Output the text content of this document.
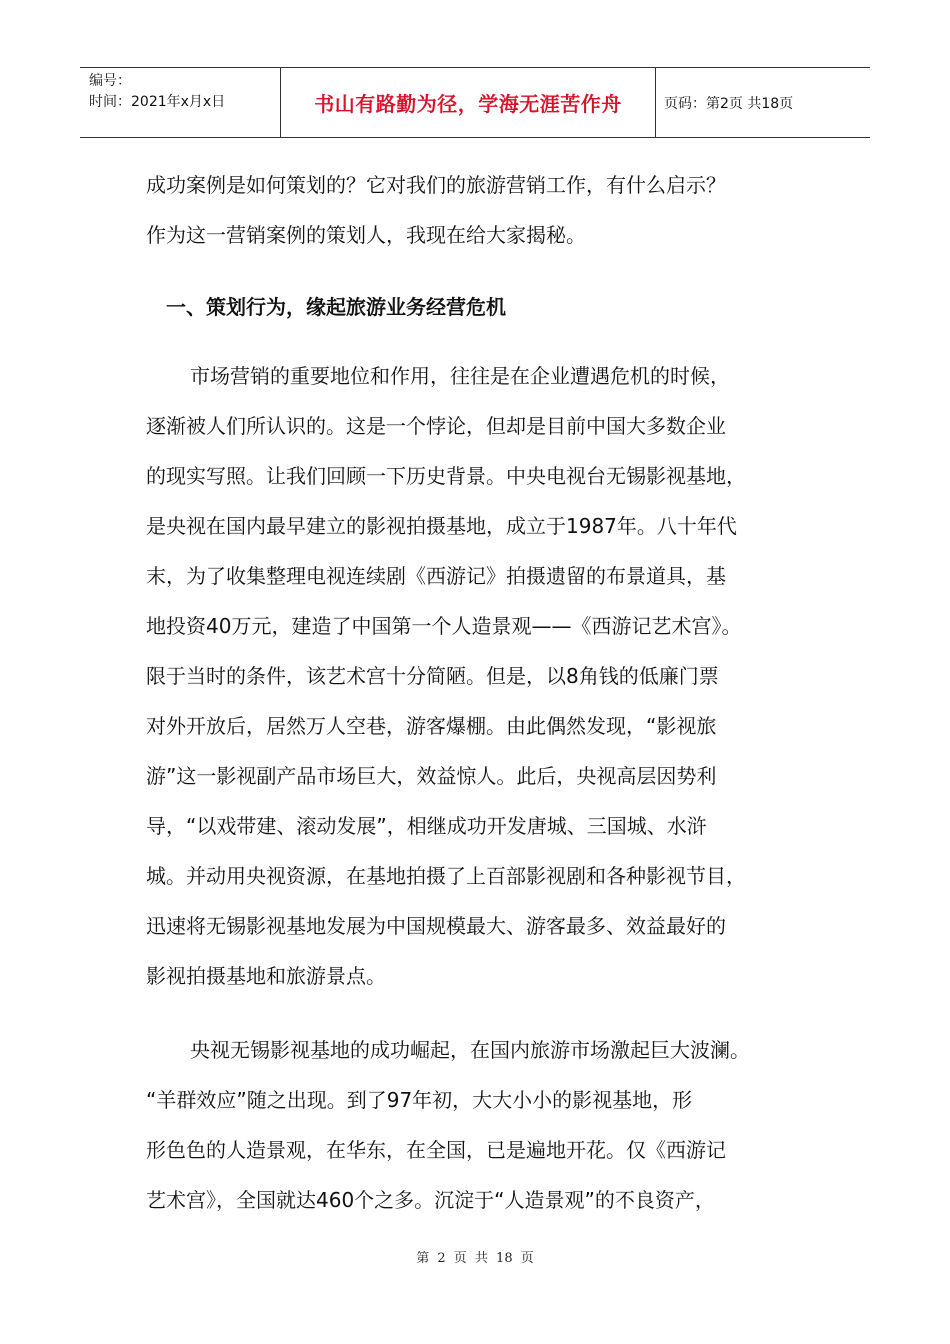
编号：
时间：2021年x月x日	书山有路勤为径，学海无涯苦作舟	页码：第2页 共18页
成功案例是如何策划的？它对我们的旅游营销工作，有什么启示？
作为这一营销案例的策划人，我现在给大家揭秘。
一、策划行为，缘起旅游业务经营危机
市场营销的重要地位和作用，往往是在企业遭遇危机的时候，
逐渐被人们所认识的。这是一个悖论，但却是目前中国大多数企业
的现实写照。让我们回顾一下历史背景。中央电视台无锡影视基地，
是央视在国内最早建立的影视拍摄基地，成立于1987年。八十年代
末，为了收集整理电视连续剧《西游记》拍摄遗留的布景道具，基
地投资40万元，建造了中国第一个人造景观——《西游记艺术宫》。
限于当时的条件，该艺术宫十分简陋。但是，以8角钱的低廉门票
对外开放后，居然万人空巷，游客爆棚。由此偶然发现，“影视旅
游”这一影视副产品市场巨大，效益惊人。此后，央视高层因势利
导，“以戏带建、滚动发展”，相继成功开发唐城、三国城、水浒
城。并动用央视资源，在基地拍摄了上百部影视剧和各种影视节目，
迅速将无锡影视基地发展为中国规模最大、游客最多、效益最好的
影视拍摄基地和旅游景点。
央视无锡影视基地的成功崛起，在国内旅游市场激起巨大波澜。
“羊群效应”随之出现。到了97年初，大大小小的影视基地，形
形色色的人造景观，在华东，在全国，已是遍地开花。仅《西游记
艺术宫》，全国就达460个之多。沉淀于“人造景观”的不良资产，
第 2 页 共 18 页
